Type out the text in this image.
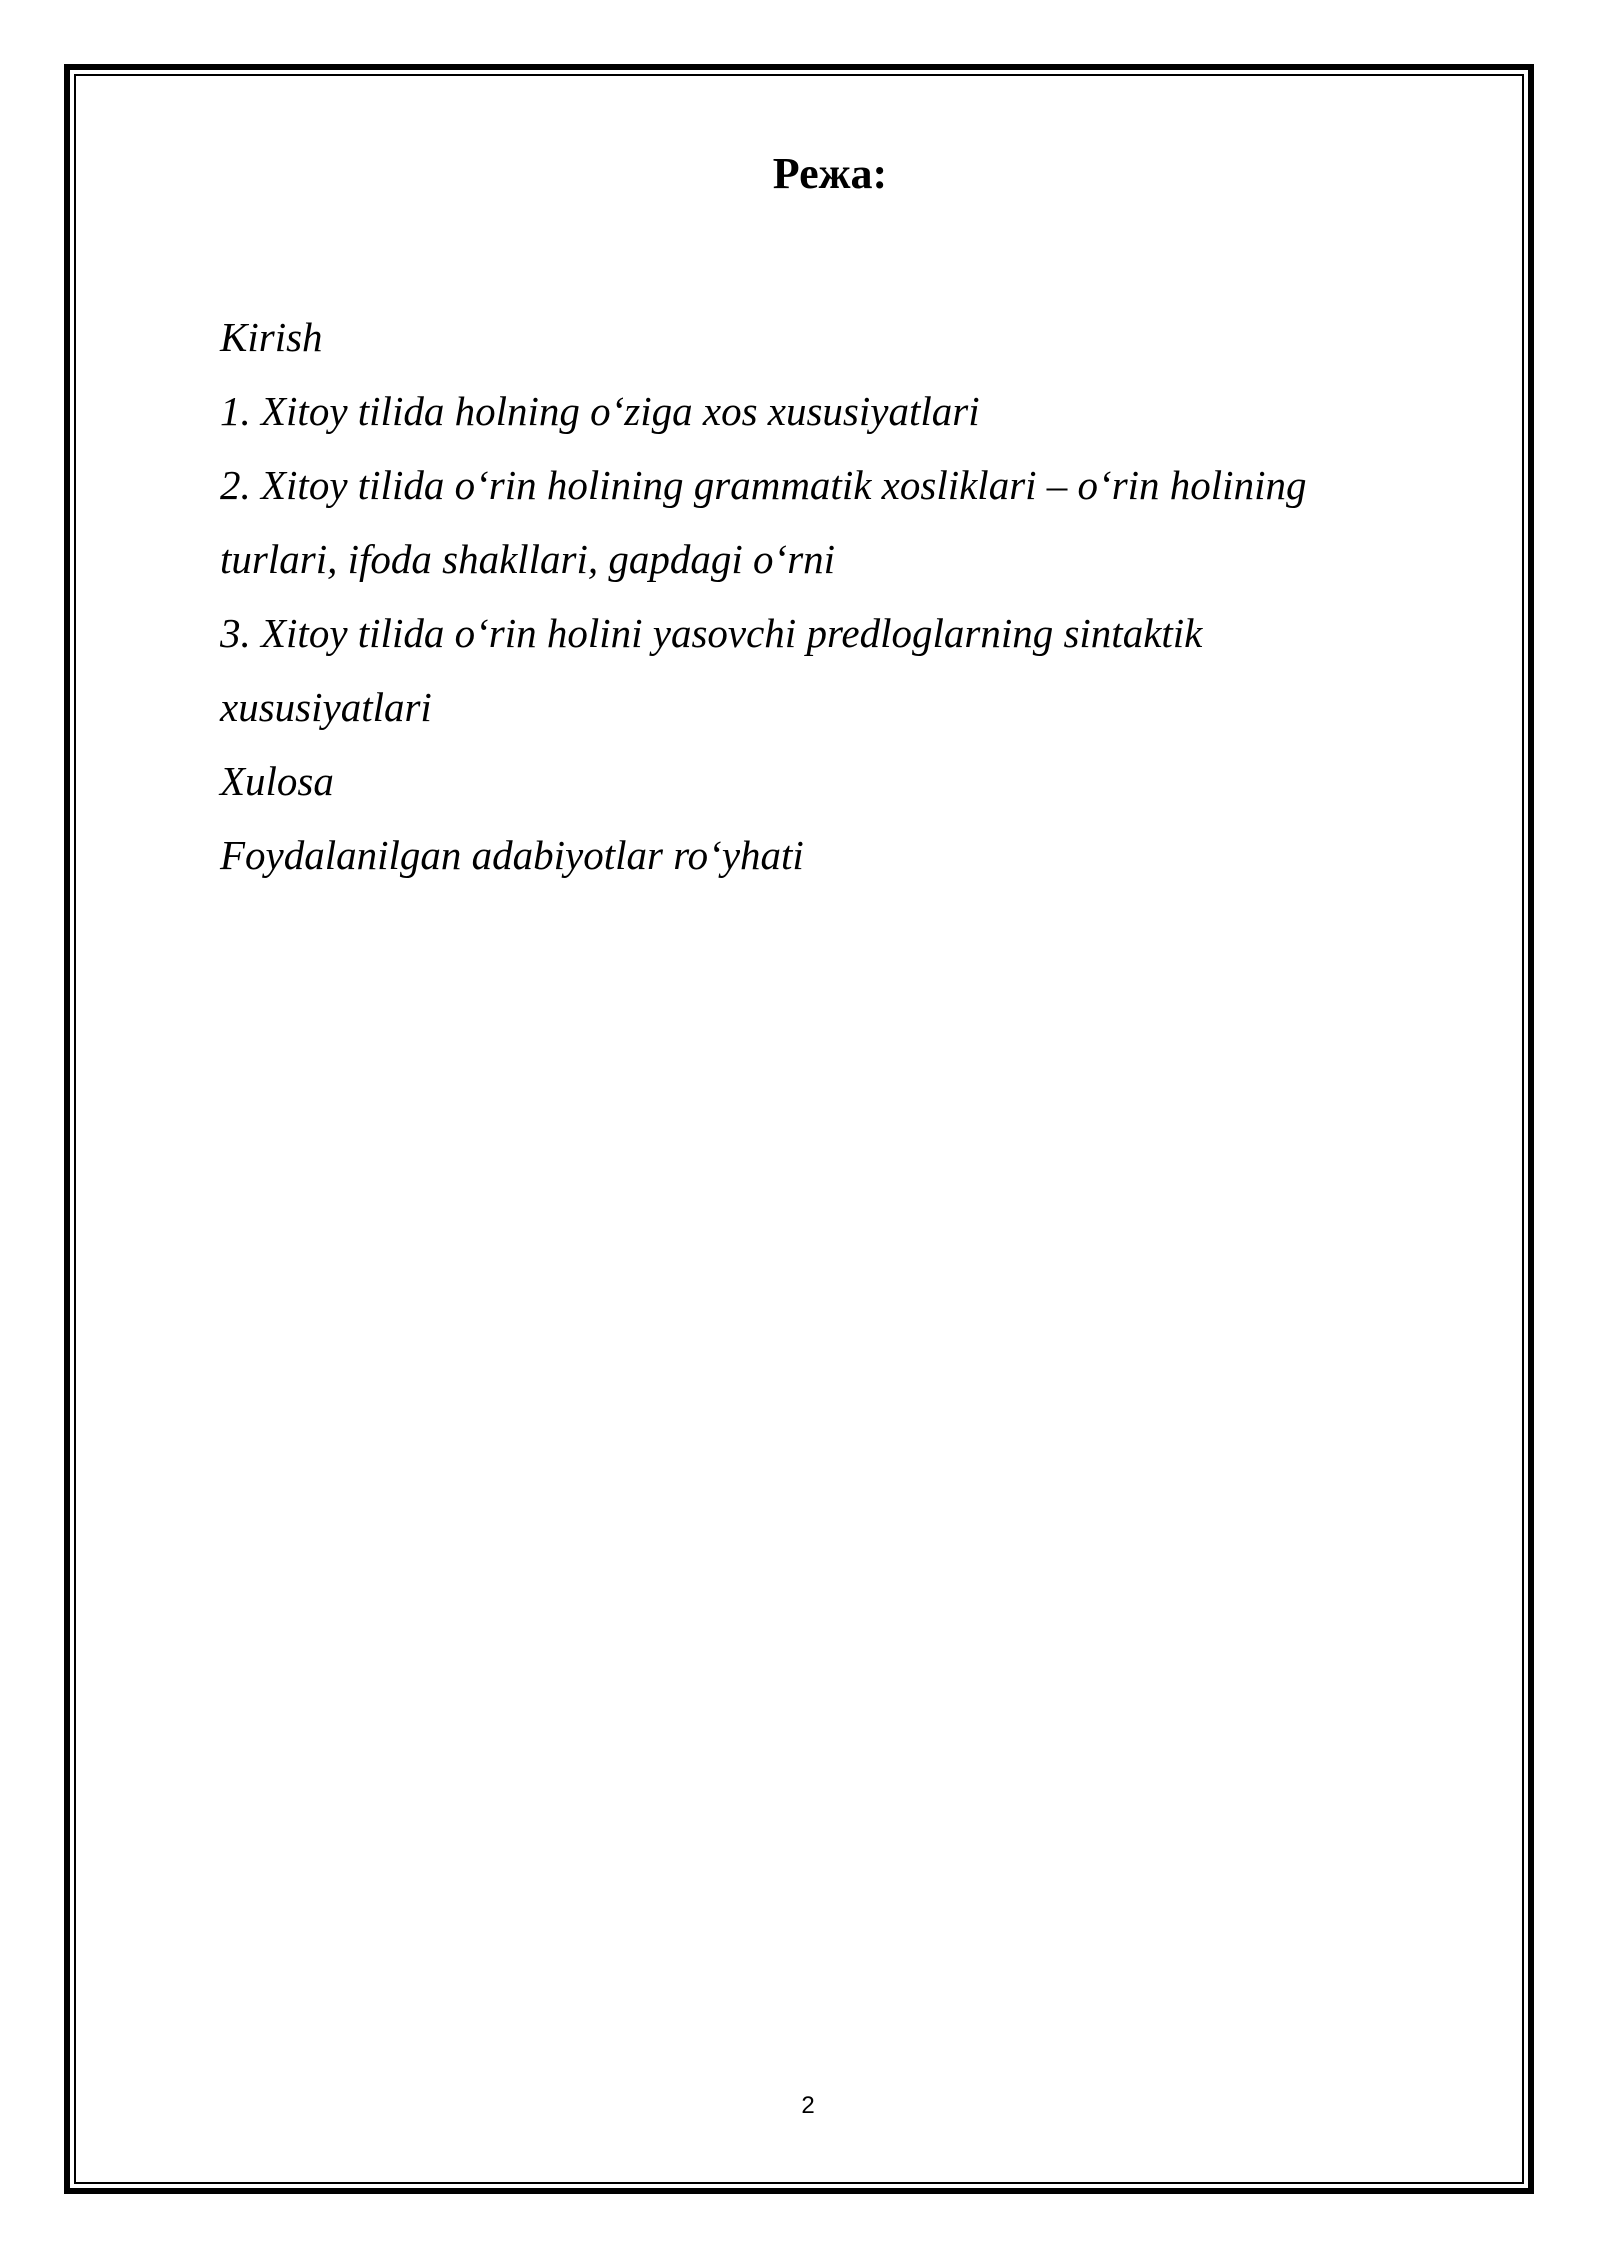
Режа:
Kirish
1. Xitoy tilida holning o‘ziga xos xususiyatlari
2. Xitoy tilida o‘rin holining grammatik xosliklari – o‘rin holining turlari, ifoda shakllari, gapdagi o‘rni
3. Xitoy tilida o‘rin holini yasovchi predloglarning sintaktik xususiyatlari
Xulosa
Foydalanilgan adabiyotlar ro‘yhati
2
